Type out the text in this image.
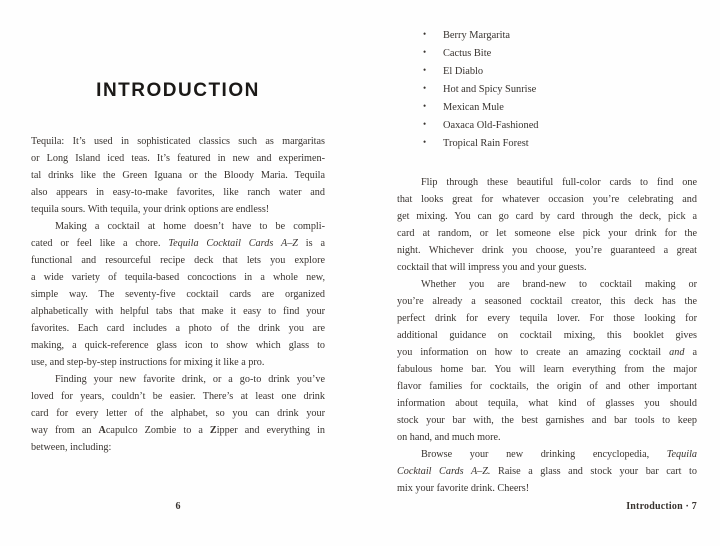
INTRODUCTION
Tequila: It’s used in sophisticated classics such as margaritas
or Long Island iced teas. It’s featured in new and experimen-
tal drinks like the Green Iguana or the Bloody Maria. Tequila
also appears in easy-to-make favorites, like ranch water and
tequila sours. With tequila, your drink options are endless!
Making a cocktail at home doesn’t have to be compli-
cated or feel like a chore. Tequila Cocktail Cards A–Z is a
functional and resourceful recipe deck that lets you explore
a wide variety of tequila-based concoctions in a whole new,
simple way. The seventy-five cocktail cards are organized
alphabetically with helpful tabs that make it easy to find your
favorites. Each card includes a photo of the drink you are
making, a quick-reference glass icon to show which glass to
use, and step-by-step instructions for mixing it like a pro.
Finding your new favorite drink, or a go-to drink you’ve
loved for years, couldn’t be easier. There’s at least one drink
card for every letter of the alphabet, so you can drink your
way from an Acapulco Zombie to a Zipper and everything in
between, including:
• Berry Margarita
• Cactus Bite
• El Diablo
• Hot and Spicy Sunrise
• Mexican Mule
• Oaxaca Old-Fashioned
• Tropical Rain Forest
Flip through these beautiful full-color cards to find one
that looks great for whatever occasion you’re celebrating and
get mixing. You can go card by card through the deck, pick a
card at random, or let someone else pick your drink for the
night. Whichever drink you choose, you’re guaranteed a great
cocktail that will impress you and your guests.
Whether you are brand-new to cocktail making or
you’re already a seasoned cocktail creator, this deck has the
perfect drink for every tequila lover. For those looking for
additional guidance on cocktail mixing, this booklet gives
you information on how to create an amazing cocktail and a
fabulous home bar. You will learn everything from the major
flavor families for cocktails, the origin of and other important
information about tequila, what kind of glasses you should
stock your bar with, the best garnishes and bar tools to keep
on hand, and much more.
Browse your new drinking encyclopedia, Tequila
Cocktail Cards A–Z. Raise a glass and stock your bar cart to
mix your favorite drink. Cheers!
6	Introduction · 7
